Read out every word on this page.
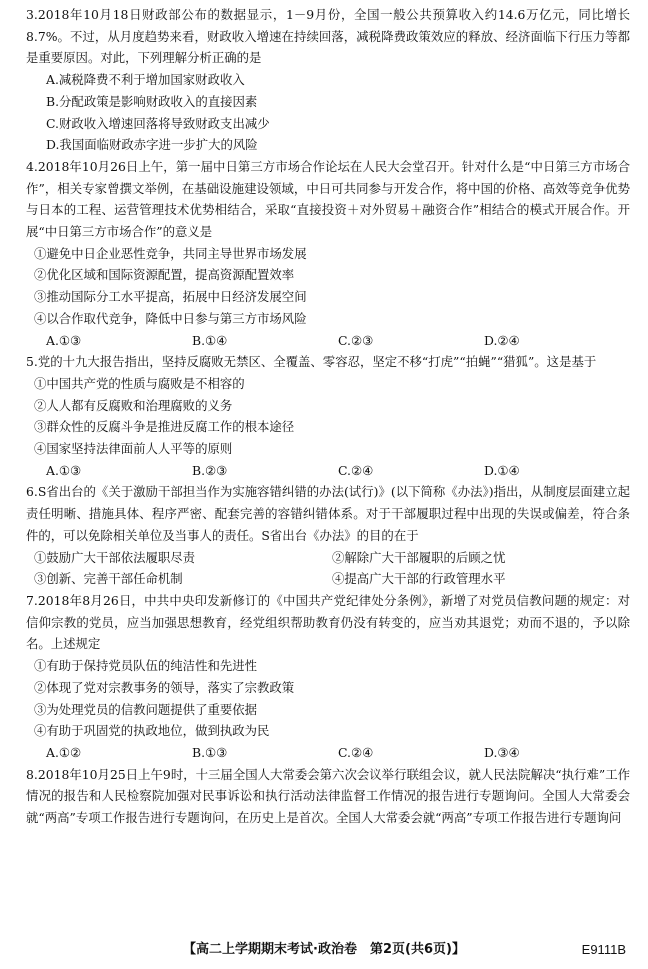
3.2018年10月18日财政部公布的数据显示，1－9月份，全国一般公共预算收入约14.6万亿元，同比增长8.7%。不过，从月度趋势来看，财政收入增速在持续回落，减税降费政策效应的释放、经济面临下行压力等都是重要原因。对此，下列理解分析正确的是

A.减税降费不利于增加国家财政收入

B.分配政策是影响财政收入的直接因素

C.财政收入增速回落将导致财政支出减少

D.我国面临财政赤字进一步扩大的风险

4.2018年10月26日上午，第一届中日第三方市场合作论坛在人民大会堂召开。针对什么是“中日第三方市场合作”，相关专家曾撰文举例，在基础设施建设领域，中日可共同参与开发合作，将中国的价格、高效等竞争优势与日本的工程、运营管理技术优势相结合，采取“直接投资＋对外贸易＋融资合作”相结合的模式开展合作。开展“中日第三方市场合作”的意义是

①避免中日企业恶性竞争，共同主导世界市场发展

②优化区域和国际资源配置，提高资源配置效率

③推动国际分工水平提高，拓展中日经济发展空间

④以合作取代竞争，降低中日参与第三方市场风险

A.①③	B.①④	C.②③	D.②④

5.党的十九大报告指出，坚持反腐败无禁区、全覆盖、零容忍，坚定不移“打虎”“拍蝇”“猎狐”。这是基于

①中国共产党的性质与腐败是不相容的

②人人都有反腐败和治理腐败的义务

③群众性的反腐斗争是推进反腐工作的根本途径

④国家坚持法律面前人人平等的原则

A.①③	B.②③	C.②④	D.①④

6.S省出台的《关于激励干部担当作为实施容错纠错的办法(试行)》(以下简称《办法》)指出，从制度层面建立起责任明晰、措施具体、程序严密、配套完善的容错纠错体系。对于干部履职过程中出现的失误或偏差，符合条件的，可以免除相关单位及当事人的责任。S省出台《办法》的目的在于

①鼓励广大干部依法履职尽责	②解除广大干部履职的后顾之忧
③创新、完善干部任命机制	④提高广大干部的行政管理水平

7.2018年8月26日，中共中央印发新修订的《中国共产党纪律处分条例》，新增了对党员信教问题的规定：对信仰宗教的党员，应当加强思想教育，经党组织帮助教育仍没有转变的，应当劝其退党；劝而不退的，予以除名。上述规定

①有助于保持党员队伍的纯洁性和先进性

②体现了党对宗教事务的领导，落实了宗教政策

③为处理党员的信教问题提供了重要依据

④有助于巩固党的执政地位，做到执政为民

A.①②	B.①③	C.②④	D.③④

8.2018年10月25日上午9时，十三届全国人大常委会第六次会议举行联组会议，就人民法院解决“执行难”工作情况的报告和人民检察院加强对民事诉讼和执行活动法律监督工作情况的报告进行专题询问。全国人大常委会就“两高”专项工作报告进行专题询问，在历史上是首次。全国人大常委会就“两高”专项工作报告进行专题询问

【高二上学期期末考试·政治卷　第2页(共6页)】	E9111B
